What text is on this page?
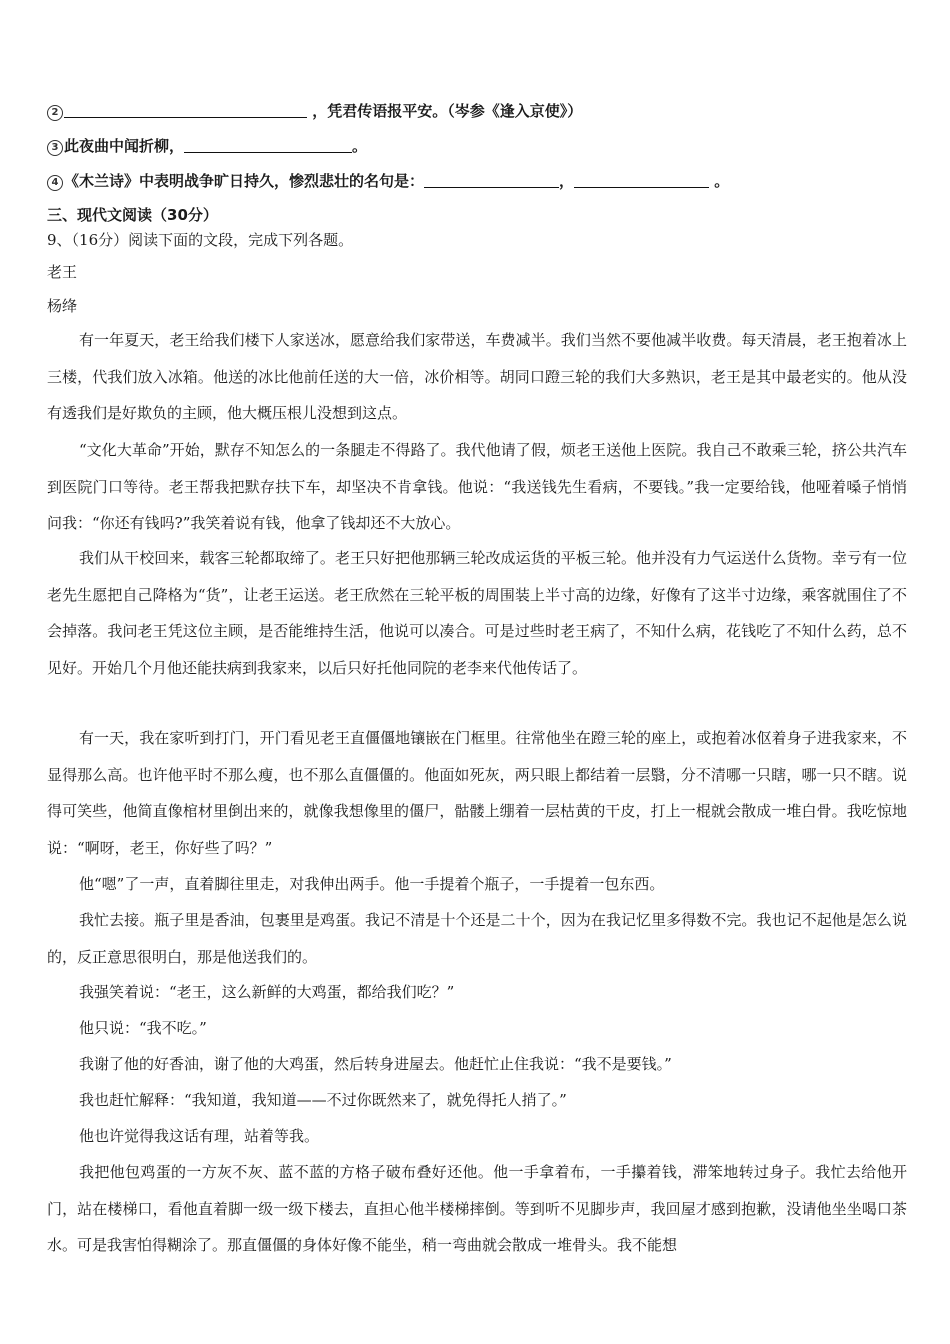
2	，凭君传语报平安。（岑参《逢入京使》）
3 此夜曲中闻折柳，	。
4 《木兰诗》中表明战争旷日持久，惨烈悲壮的名句是：	，	。
三、现代文阅读（30分）
9、（16分）阅读下面的文段，完成下列各题。
老王
杨绛

有一年夏天，老王给我们楼下人家送冰，愿意给我们家带送，车费减半。我们当然不要他减半收费。每天清晨，老王抱着冰上三楼，代我们放入冰箱。他送的冰比他前任送的大一倍，冰价相等。胡同口蹬三轮的我们大多熟识，老王是其中最老实的。他从没有透我们是好欺负的主顾，他大概压根儿没想到这点。

“文化大革命”开始，默存不知怎么的一条腿走不得路了。我代他请了假，烦老王送他上医院。我自己不敢乘三轮，挤公共汽车到医院门口等待。老王帮我把默存扶下车，却坚决不肯拿钱。他说：“我送钱先生看病，不要钱。”我一定要给钱，他哑着嗓子悄悄问我：“你还有钱吗?”我笑着说有钱，他拿了钱却还不大放心。

我们从干校回来，载客三轮都取缔了。老王只好把他那辆三轮改成运货的平板三轮。他并没有力气运送什么货物。幸亏有一位老先生愿把自己降格为“货”，让老王运送。老王欣然在三轮平板的周围装上半寸高的边缘，好像有了这半寸边缘，乘客就围住了不会掉落。我问老王凭这位主顾，是否能维持生活，他说可以凑合。可是过些时老王病了，不知什么病，花钱吃了不知什么药，总不见好。开始几个月他还能扶病到我家来，以后只好托他同院的老李来代他传话了。

有一天，我在家听到打门，开门看见老王直僵僵地镶嵌在门框里。往常他坐在蹬三轮的座上，或抱着冰伛着身子进我家来，不显得那么高。也许他平时不那么瘦，也不那么直僵僵的。他面如死灰，两只眼上都结着一层翳，分不清哪一只瞎，哪一只不瞎。说得可笑些，他简直像棺材里倒出来的，就像我想像里的僵尸，骷髅上绷着一层枯黄的干皮，打上一棍就会散成一堆白骨。我吃惊地说：“啊呀，老王，你好些了吗？”

他“嗯”了一声，直着脚往里走，对我伸出两手。他一手提着个瓶子，一手提着一包东西。

我忙去接。瓶子里是香油，包裹里是鸡蛋。我记不清是十个还是二十个，因为在我记忆里多得数不完。我也记不起他是怎么说的，反正意思很明白，那是他送我们的。

我强笑着说：“老王，这么新鲜的大鸡蛋，都给我们吃？”

他只说：“我不吃。”

我谢了他的好香油，谢了他的大鸡蛋，然后转身进屋去。他赶忙止住我说：“我不是要钱。”

我也赶忙解释：“我知道，我知道——不过你既然来了，就免得托人捎了。”

他也许觉得我这话有理，站着等我。

我把他包鸡蛋的一方灰不灰、蓝不蓝的方格子破布叠好还他。他一手拿着布，一手攥着钱，滞笨地转过身子。我忙去给他开门，站在楼梯口，看他直着脚一级一级下楼去，直担心他半楼梯摔倒。等到听不见脚步声，我回屋才感到抱歉，没请他坐坐喝口茶水。可是我害怕得糊涂了。那直僵僵的身体好像不能坐，稍一弯曲就会散成一堆骨头。我不能想
